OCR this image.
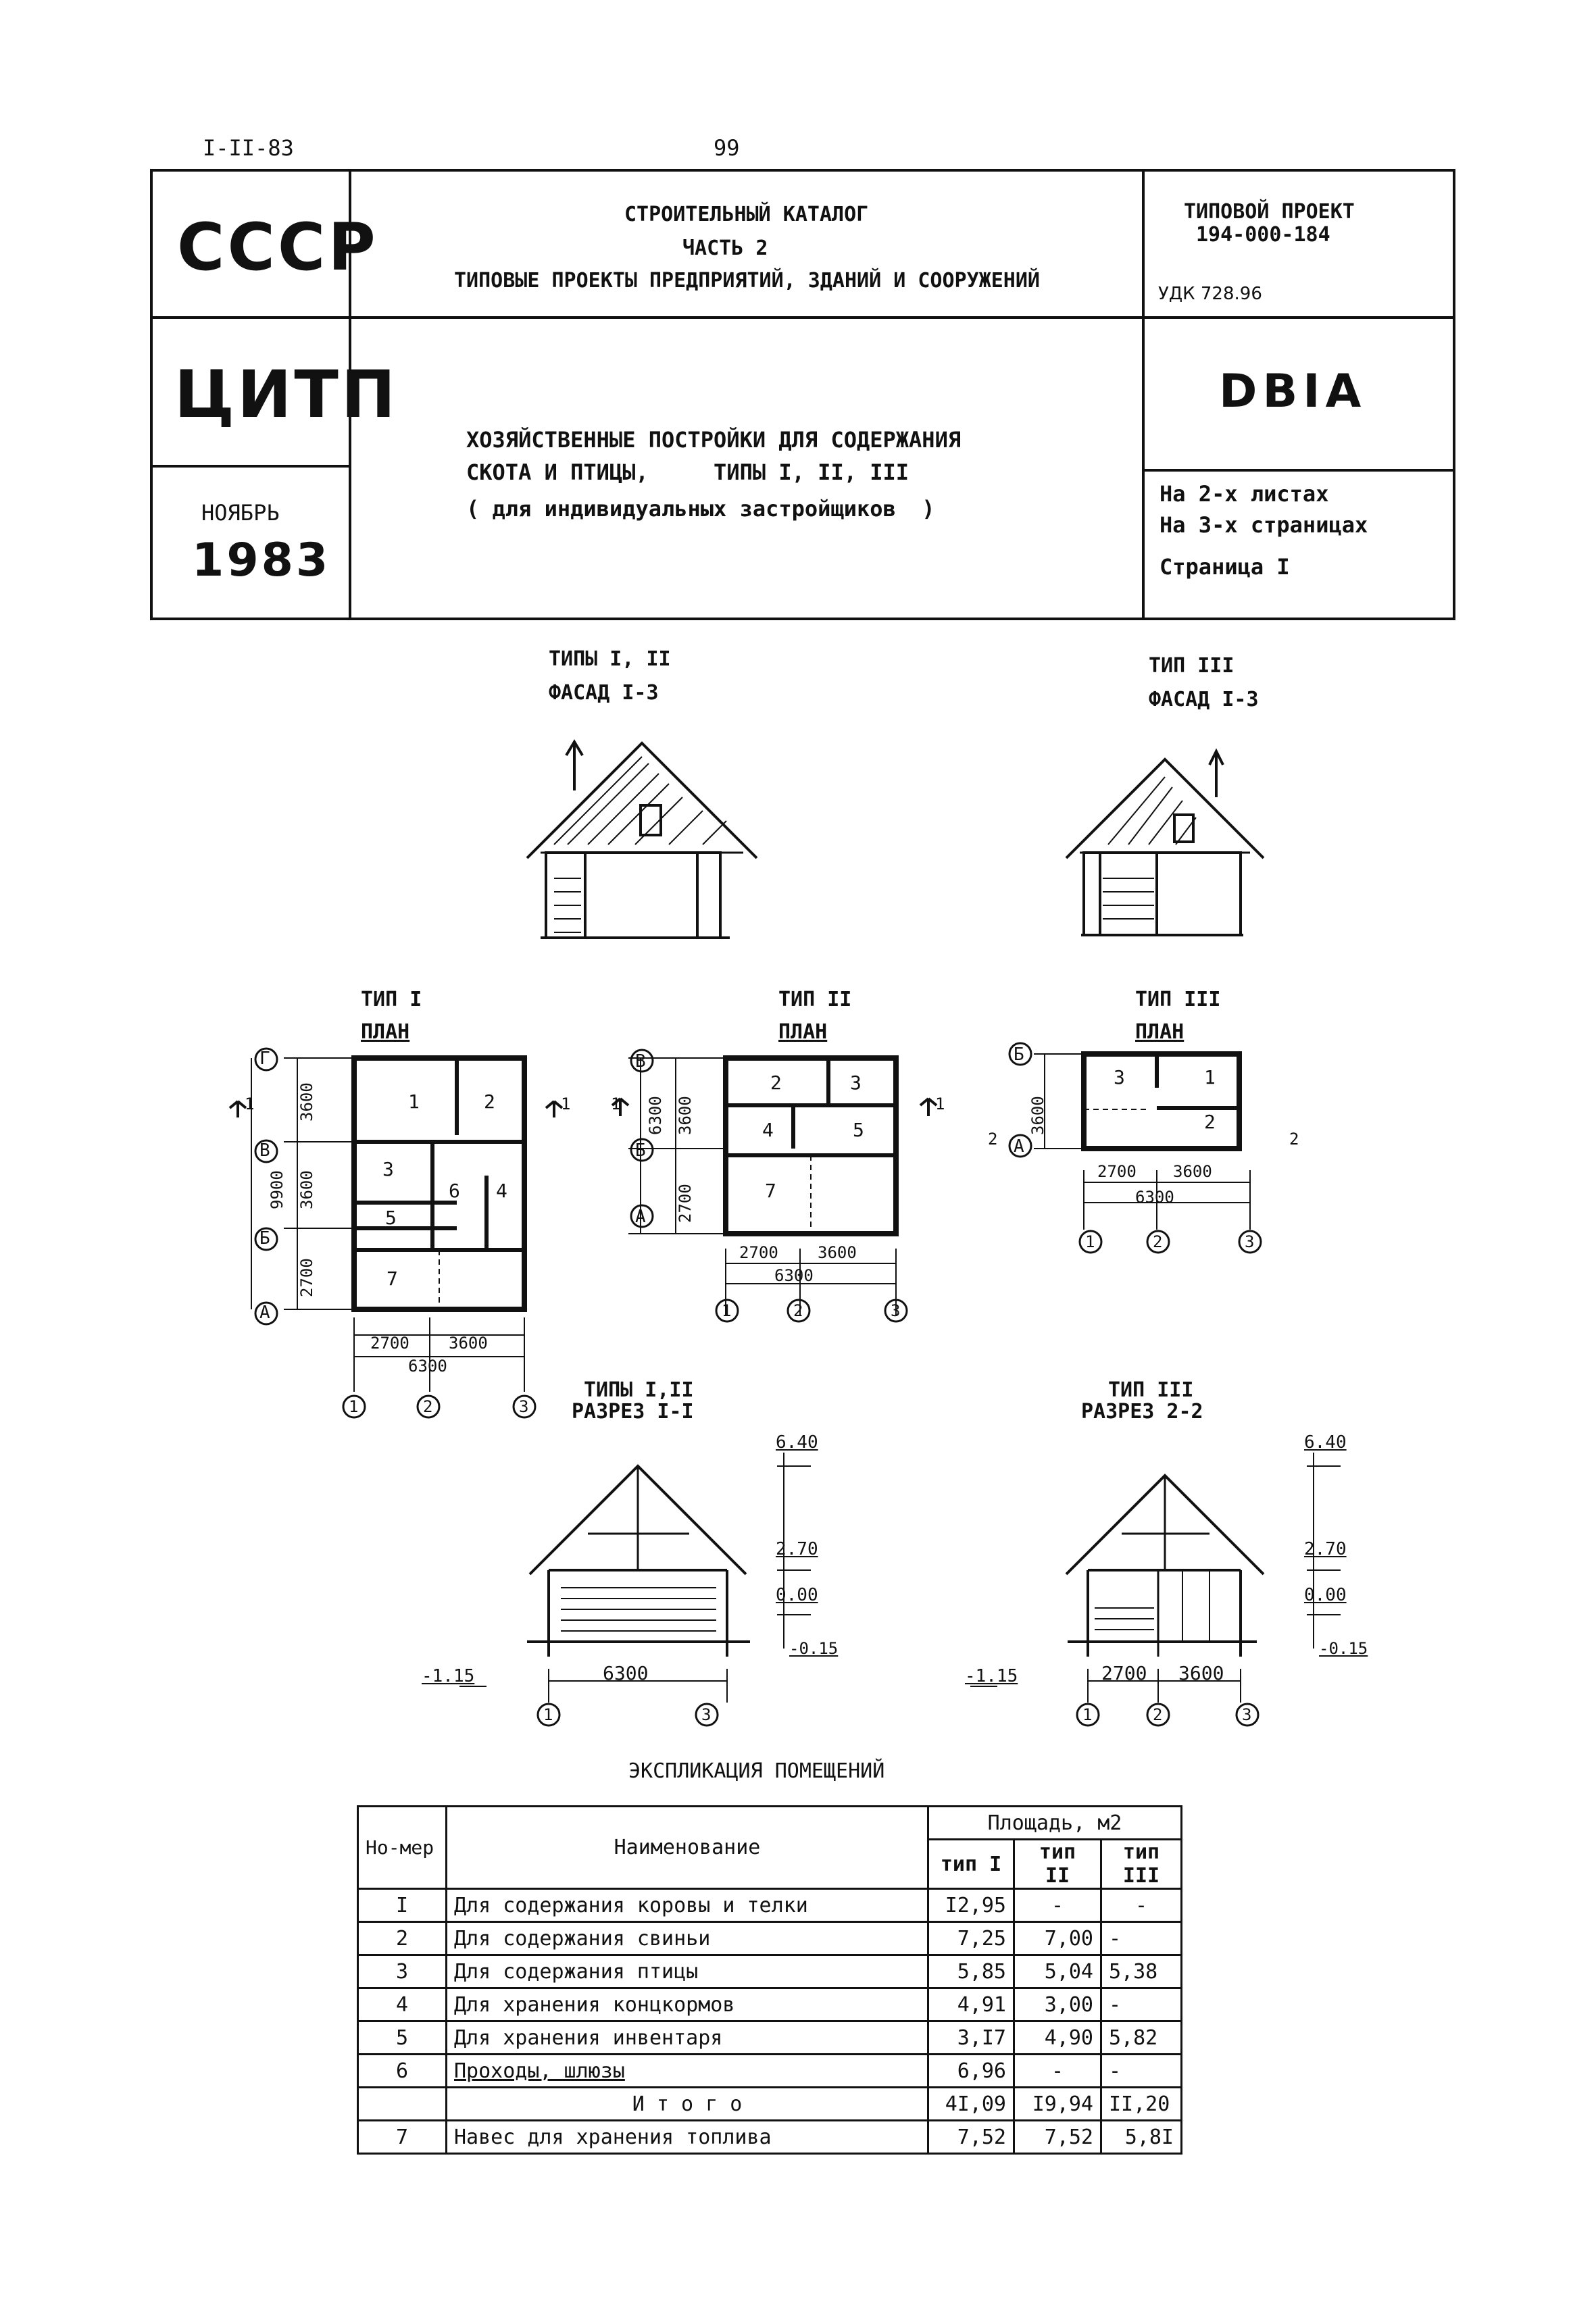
I-II-83	99
СССР
ЦИТП
НОЯБРЬ
1983
СТРОИТЕЛЬНЫЙ КАТАЛОГ
ЧАСТЬ 2
ТИПОВЫЕ ПРОЕКТЫ ПРЕДПРИЯТИЙ, ЗДАНИЙ И СООРУЖЕНИЙ
ТИПОВОЙ ПРОЕКТ
194-000-184
УДК 728.96
DBIA
ХОЗЯЙСТВЕННЫЕ ПОСТРОЙКИ ДЛЯ СОДЕРЖАНИЯ
СКОТА И ПТИЦЫ,     ТИПЫ I, II, III
( для индивидуальных застройщиков  )
На 2-х листах
На 3-х страницах
Страница I
ТИПЫ I, II
ФАСАД I-3
ТИП III
ФАСАД I-3
ТИП I
ПЛАН
ТИП II
ПЛАН
ТИП III
ПЛАН
ТИПЫ I,II
РАЗРЕЗ I-I
ТИП III
РАЗРЕЗ 2-2
1	2
3
4
5
6
7
Г
В
Б
А
3600
3600
2700
9900
2700 3600
6300
1	2	3
1	1
2	3
4	5
7
В
Б
А
3600
6300
2700
2700 3600
6300
1	2	3
1	1
3	1
2
Б
А
3600
2700 3600
6300
1	2	3
2	2
6.40
2.70
0.00
-0.15
-1.15	6300
1	3
6.40
2.70
0.00
-0.15
-1.15	2700 3600
1	2	3
ЭКСПЛИКАЦИЯ ПОМЕЩЕНИЙ
Но-мер	Наименование	Площадь, м2		
		тип I	тип II	тип III
I	Для содержания коровы и телки	I2,95	-	-
2	Для содержания свиньи	7,25	7,00	-
3	Для содержания птицы	5,85	5,04	5,38
4	Для хранения концкормов	4,91	3,00	-
5	Для хранения инвентаря	3,I7	4,90	5,82
6	Проходы, шлюзы	6,96	-	-
	И т о г о	4I,09	I9,94	II,20
7	Навес для хранения топлива	7,52	7,52	5,8I
